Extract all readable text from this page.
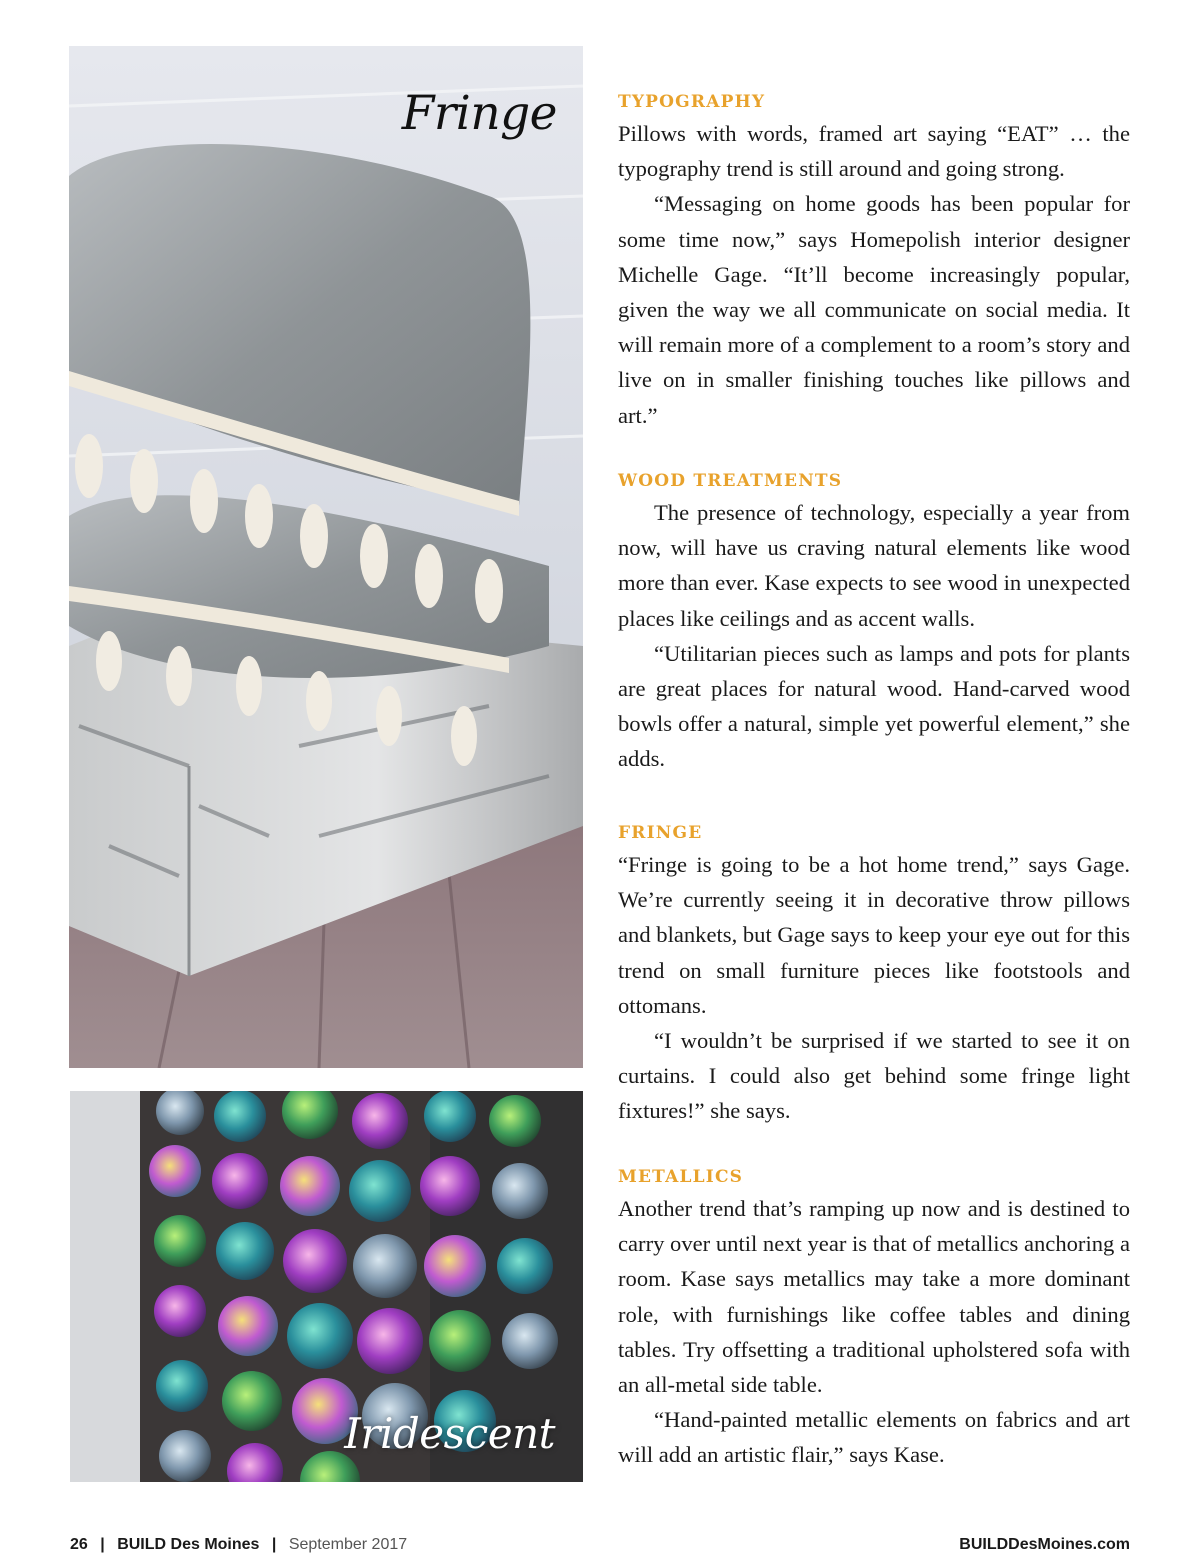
Fringe
Iridescent
TYPOGRAPHY

Pillows with words, framed art saying “EAT” … the typography trend is still around and going strong.

“Messaging on home goods has been popular for some time now,” says Homepolish interior designer Michelle Gage. “It’ll become increasingly popular, given the way we all communicate on social media. It will remain more of a complement to a room’s story and live on in smaller finishing touches like pillows and art.”

WOOD TREATMENTS

The presence of technology, especially a year from now, will have us craving natural elements like wood more than ever. Kase expects to see wood in unexpected places like ceilings and as accent walls.

“Utilitarian pieces such as lamps and pots for plants are great places for natural wood. Hand-carved wood bowls offer a natural, simple yet powerful element,” she adds.

FRINGE

“Fringe is going to be a hot home trend,” says Gage. We’re currently seeing it in decorative throw pillows and blankets, but Gage says to keep your eye out for this trend on small furniture pieces like footstools and ottomans.

“I wouldn’t be surprised if we started to see it on curtains. I could also get behind some fringe light fixtures!” she says.

METALLICS

Another trend that’s ramping up now and is destined to carry over until next year is that of metallics anchoring a room. Kase says metallics may take a more dominant role, with furnishings like coffee tables and dining tables. Try offsetting a traditional upholstered sofa with an all-metal side table.

“Hand-painted metallic elements on fabrics and art will add an artistic flair,” says Kase.

26 | BUILD Des Moines | September 2017	BUILDDesMoines.com
